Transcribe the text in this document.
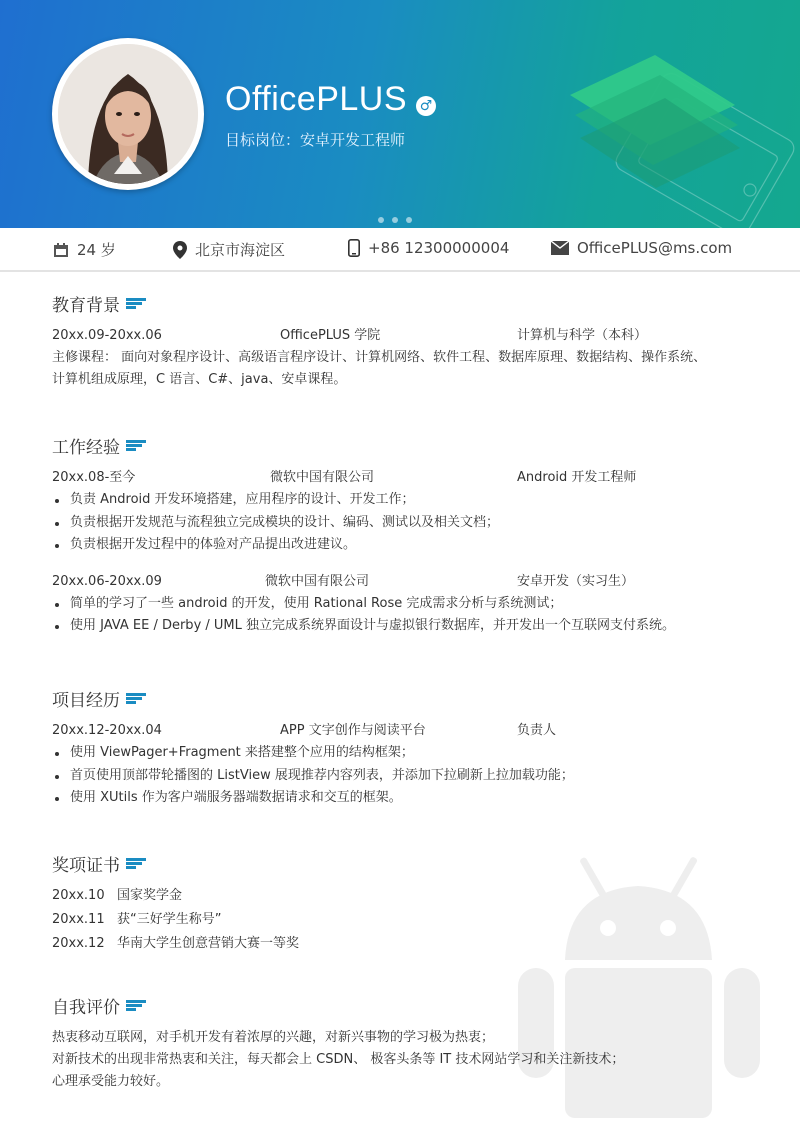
OfficePLUS ♂
目标岗位：安卓开发工程师
24 岁	北京市海淀区	+86 12300000004	OfficePLUS@ms.com
教育背景
20xx.09-20xx.06	OfficePLUS 学院	计算机与科学（本科）
主修课程： 面向对象程序设计、高级语言程序设计、计算机网络、软件工程、数据库原理、数据结构、操作系统、
计算机组成原理，C 语言、C#、java、安卓课程。
工作经验
20xx.08-至今	微软中国有限公司	Android 开发工程师
负责 Android 开发环境搭建，应用程序的设计、开发工作；
负责根据开发规范与流程独立完成模块的设计、编码、测试以及相关文档；
负责根据开发过程中的体验对产品提出改进建议。
20xx.06-20xx.09	微软中国有限公司	安卓开发（实习生）
简单的学习了一些 android 的开发，使用 Rational Rose 完成需求分析与系统测试；
使用 JAVA EE / Derby / UML 独立完成系统界面设计与虚拟银行数据库，并开发出一个互联网支付系统。
项目经历
20xx.12-20xx.04	APP 文字创作与阅读平台	负责人
使用 ViewPager+Fragment 来搭建整个应用的结构框架；
首页使用顶部带轮播图的 ListView 展现推荐内容列表，并添加下拉刷新上拉加载功能；
使用 XUtils 作为客户端服务器端数据请求和交互的框架。
奖项证书
20xx.10 国家奖学金
20xx.11 获“三好学生称号”
20xx.12 华南大学生创意营销大赛一等奖
自我评价
热衷移动互联网，对手机开发有着浓厚的兴趣，对新兴事物的学习极为热衷；
对新技术的出现非常热衷和关注，每天都会上 CSDN、 极客头条等 IT 技术网站学习和关注新技术；
心理承受能力较好。
